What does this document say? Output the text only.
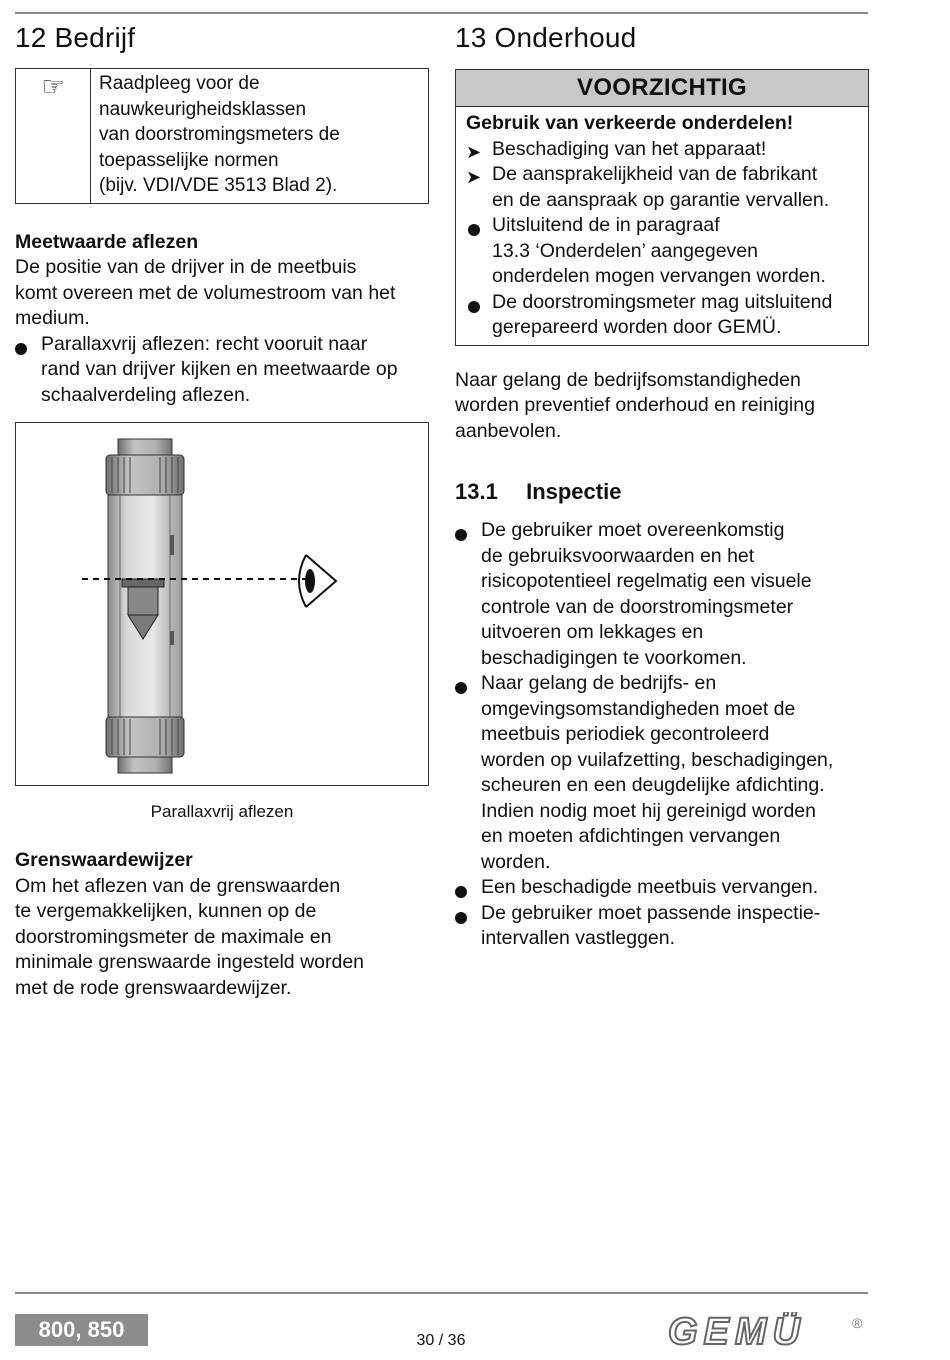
12 Bedrijf
☞	Raadpleeg voor de
nauwkeurigheidsklassen
van doorstromingsmeters de
toepasselijke normen
(bijv. VDI/VDE 3513 Blad 2).

Meetwaarde aflezen

De positie van de drijver in de meetbuis

komt overeen met de volumestroom van het

medium.

Parallaxvrij aflezen: recht vooruit naar
rand van drijver kijken en meetwaarde op
schaalverdeling aflezen.
Parallaxvrij aflezen

Grenswaardewijzer

Om het aflezen van de grenswaarden

te vergemakkelijken, kunnen op de

doorstromingsmeter de maximale en

minimale grenswaarde ingesteld worden

met de rode grenswaardewijzer.

13 Onderhoud
VOORZICHTIG

Gebruik van verkeerde onderdelen!

➤ Beschadiging van het apparaat!
➤ De aansprakelijkheid van de fabrikant
en de aanspraak op garantie vervallen.
Uitsluitend de in paragraaf
13.3 ‘Onderdelen’ aangegeven
onderdelen mogen vervangen worden.
De doorstromingsmeter mag uitsluitend
gerepareerd worden door GEMÜ.

Naar gelang de bedrijfsomstandigheden

worden preventief onderhoud en reiniging

aanbevolen.

13.1 Inspectie
De gebruiker moet overeenkomstig
de gebruiksvoorwaarden en het
risicopotentieel regelmatig een visuele
controle van de doorstromingsmeter
uitvoeren om lekkages en
beschadigingen te voorkomen.
Naar gelang de bedrijfs- en
omgevingsomstandigheden moet de
meetbuis periodiek gecontroleerd
worden op vuilafzetting, beschadigingen,
scheuren en een deugdelijke afdichting.
Indien nodig moet hij gereinigd worden
en moeten afdichtingen vervangen
worden.
Een beschadigde meetbuis vervangen.
De gebruiker moet passende inspectie-
intervallen vastleggen.
800, 850	30 / 36	GEMÜ	®
